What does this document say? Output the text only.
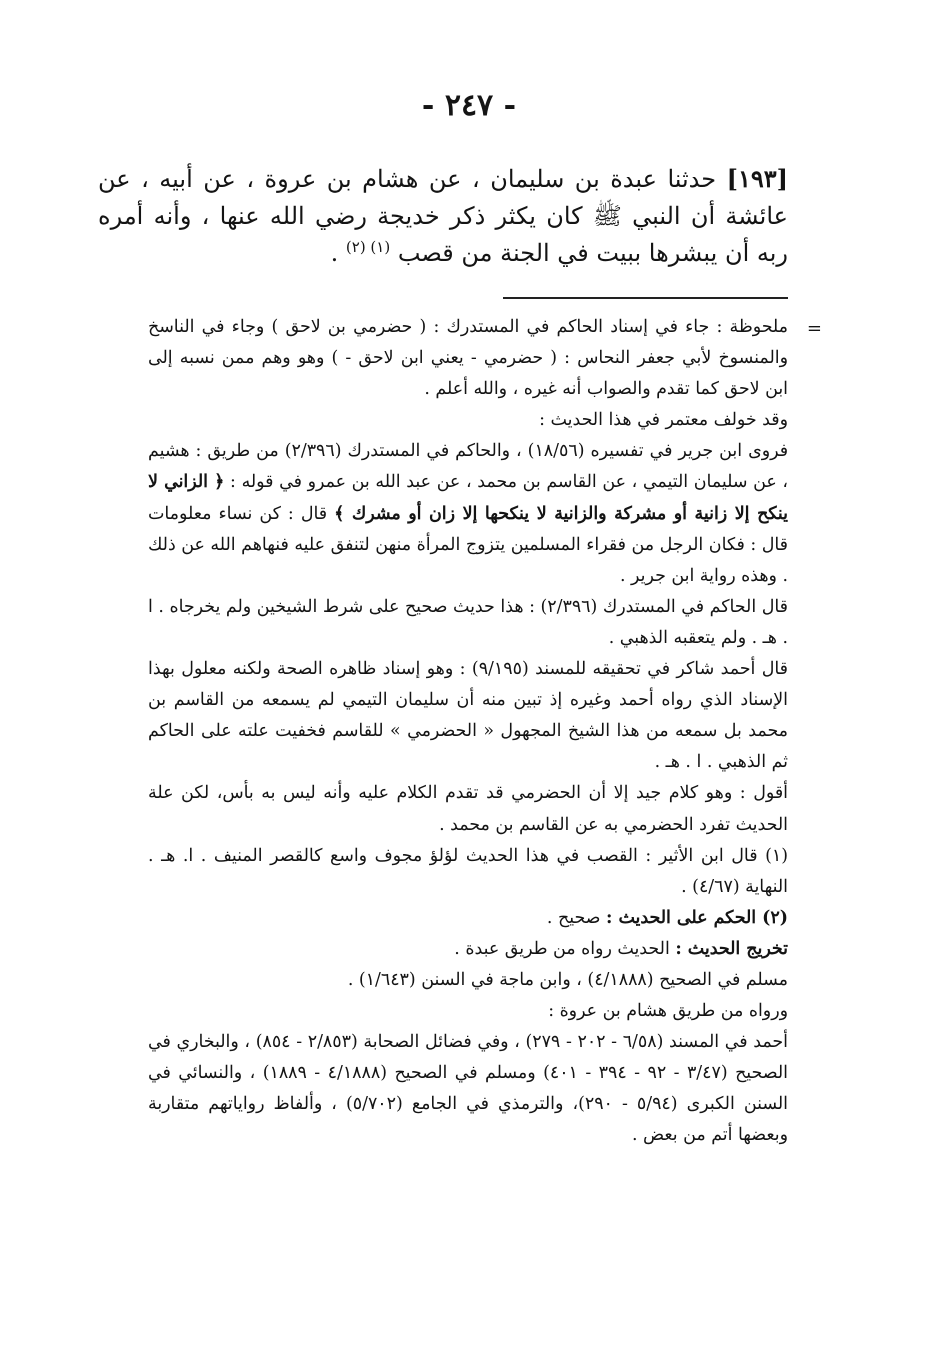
- ٢٤٧ -
[١٩٣] حدثنا عبدة بن سليمان ، عن هشام بن عروة ، عن أبيه ، عن عائشة أن النبي ﷺ كان يكثر ذكر خديجة رضي الله عنها ، وأنه أمره ربه أن يبشرها ببيت في الجنة من قصب $^{(١) (٢)}$ .
=

ملحوظة : جاء في إسناد الحاكم في المستدرك : ( حضرمي بن لاحق ) وجاء في الناسخ والمنسوخ لأبي جعفر النحاس : ( حضرمي - يعني ابن لاحق - ) وهو وهم ممن نسبه إلى ابن لاحق كما تقدم والصواب أنه غيره ، والله أعلم .

وقد خولف معتمر في هذا الحديث :

فروى ابن جرير في تفسيره (١٨/٥٦) ، والحاكم في المستدرك (٢/٣٩٦) من طريق : هشيم ، عن سليمان التيمي ، عن القاسم بن محمد ، عن عبد الله بن عمرو في قوله : ﴿ الزاني لا ينكح إلا زانية أو مشركة والزانية لا ينكحها إلا زان أو مشرك ﴾ قال : كن نساء معلومات قال : فكان الرجل من فقراء المسلمين يتزوج المرأة منهن لتنفق عليه فنهاهم الله عن ذلك . وهذه رواية ابن جرير .

قال الحاكم في المستدرك (٢/٣٩٦) : هذا حديث صحيح على شرط الشيخين ولم يخرجاه . ا . هـ . ولم يتعقبه الذهبي .

قال أحمد شاكر في تحقيقه للمسند (٩/١٩٥) : وهو إسناد ظاهره الصحة ولكنه معلول بهذا الإسناد الذي رواه أحمد وغيره إذ تبين منه أن سليمان التيمي لم يسمعه من القاسم بن محمد بل سمعه من هذا الشيخ المجهول « الحضرمي » للقاسم فخفيت علته على الحاكم ثم الذهبي . ا . هـ .

أقول : وهو كلام جيد إلا أن الحضرمي قد تقدم الكلام عليه وأنه ليس به بأس، لكن علة الحديث تفرد الحضرمي به عن القاسم بن محمد .

(١) قال ابن الأثير : القصب في هذا الحديث لؤلؤ مجوف واسع كالقصر المنيف . ا. هـ . النهاية (٤/٦٧) .

(٢) الحكم على الحديث : صحيح .

تخريج الحديث : الحديث رواه من طريق عبدة .

مسلم في الصحيح (٤/١٨٨٨) ، وابن ماجة في السنن (١/٦٤٣) .

ورواه من طريق هشام بن عروة :

أحمد في المسند (٦/٥٨ - ٢٠٢ - ٢٧٩) ، وفي فضائل الصحابة (٢/٨٥٣ - ٨٥٤) ، والبخاري في الصحيح (٣/٤٧ - ٩٢ - ٣٩٤ - ٤٠١) ومسلم في الصحيح (٤/١٨٨٨ - ١٨٨٩) ، والنسائي في السنن الكبرى (٥/٩٤ - ٢٩٠)، والترمذي في الجامع (٥/٧٠٢) ، وألفاظ رواياتهم متقاربة وبعضها أتم من بعض .
